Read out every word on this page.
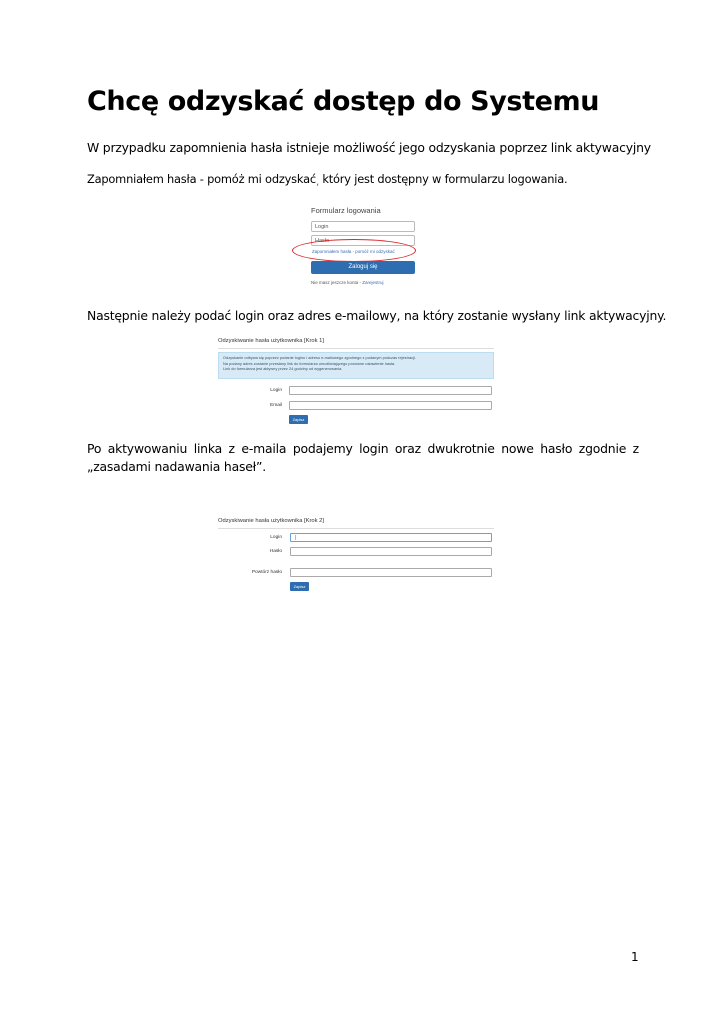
Chcę odzyskać dostęp do Systemu

W przypadku zapomnienia hasła istnieje możliwość jego odzyskania poprzez link aktywacyjny

Zapomniałem hasła - pomóż mi odzyskać, który jest dostępny w formularzu logowania.

Formularz logowania
Login
Hasło
Zapomniałem hasła - pomóż mi odzyskać
Zaloguj się
Nie masz jeszcze konta - Zarejestruj

Następnie należy podać login oraz adres e-mailowy, na który zostanie wysłany link aktywacyjny.

Odzyskiwanie hasła użytkownika [Krok 1]
Odzyskanie odbywa się poprzez podanie loginu i adresu e-mailowego zgodnego z podanym podczas rejestracji.
Na podany adres zostanie przesłany link do formularza umożliwiającego ponowne ustawienie hasła.
Link do formularza jest aktywny przez 24 godziny od wygenerowania.
Login
Email
Zapisz

Po aktywowaniu linka z e-maila podajemy login oraz dwukrotnie nowe hasło zgodnie z „zasadami nadawania haseł”.

Odzyskiwanie hasła użytkownika [Krok 2]
Login	|
Hasło
Powtórz hasło
Zapisz
1
